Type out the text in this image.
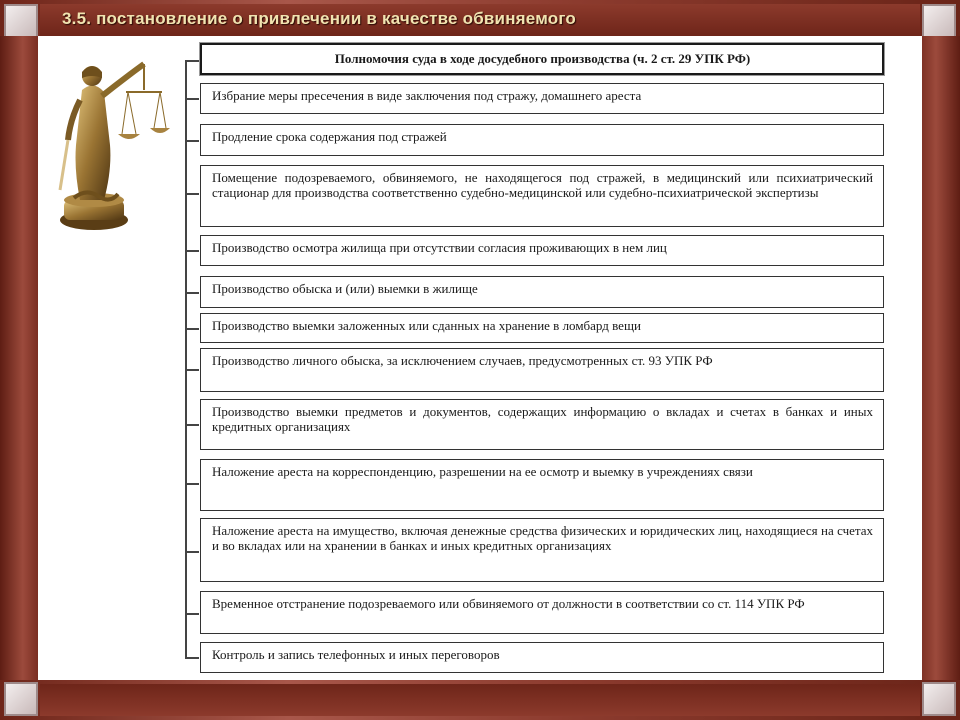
3.5. постановление о привлечении в качестве обвиняемого
Полномочия суда в ходе досудебного производства (ч. 2 ст. 29 УПК РФ)
Избрание меры пресечения в виде заключения под стражу, домашнего ареста
Продление срока содержания под стражей
Помещение подозреваемого, обвиняемого, не находящегося под стражей, в медицинский или психиатрический стационар для производства соответственно судебно-медицинской или судебно-психиатрической экспертизы
Производство осмотра жилища при отсутствии согласия проживающих в нем лиц
Производство обыска и (или) выемки в жилище
Производство выемки заложенных или сданных на хранение в ломбард вещи
Производство личного обыска, за исключением случаев, предусмотренных ст. 93 УПК РФ
Производство выемки предметов и документов, содержащих информацию о вкладах и счетах в банках и иных кредитных организациях
Наложение ареста на корреспонденцию, разрешении на ее осмотр и выемку в учреждениях связи
Наложение ареста на имущество, включая денежные средства физических и юридических лиц, находящиеся на счетах и во вкладах или на хранении в банках и иных кредитных организациях
Временное отстранение подозреваемого или обвиняемого от должности в соответствии со ст. 114 УПК РФ
Контроль и запись телефонных и иных переговоров
